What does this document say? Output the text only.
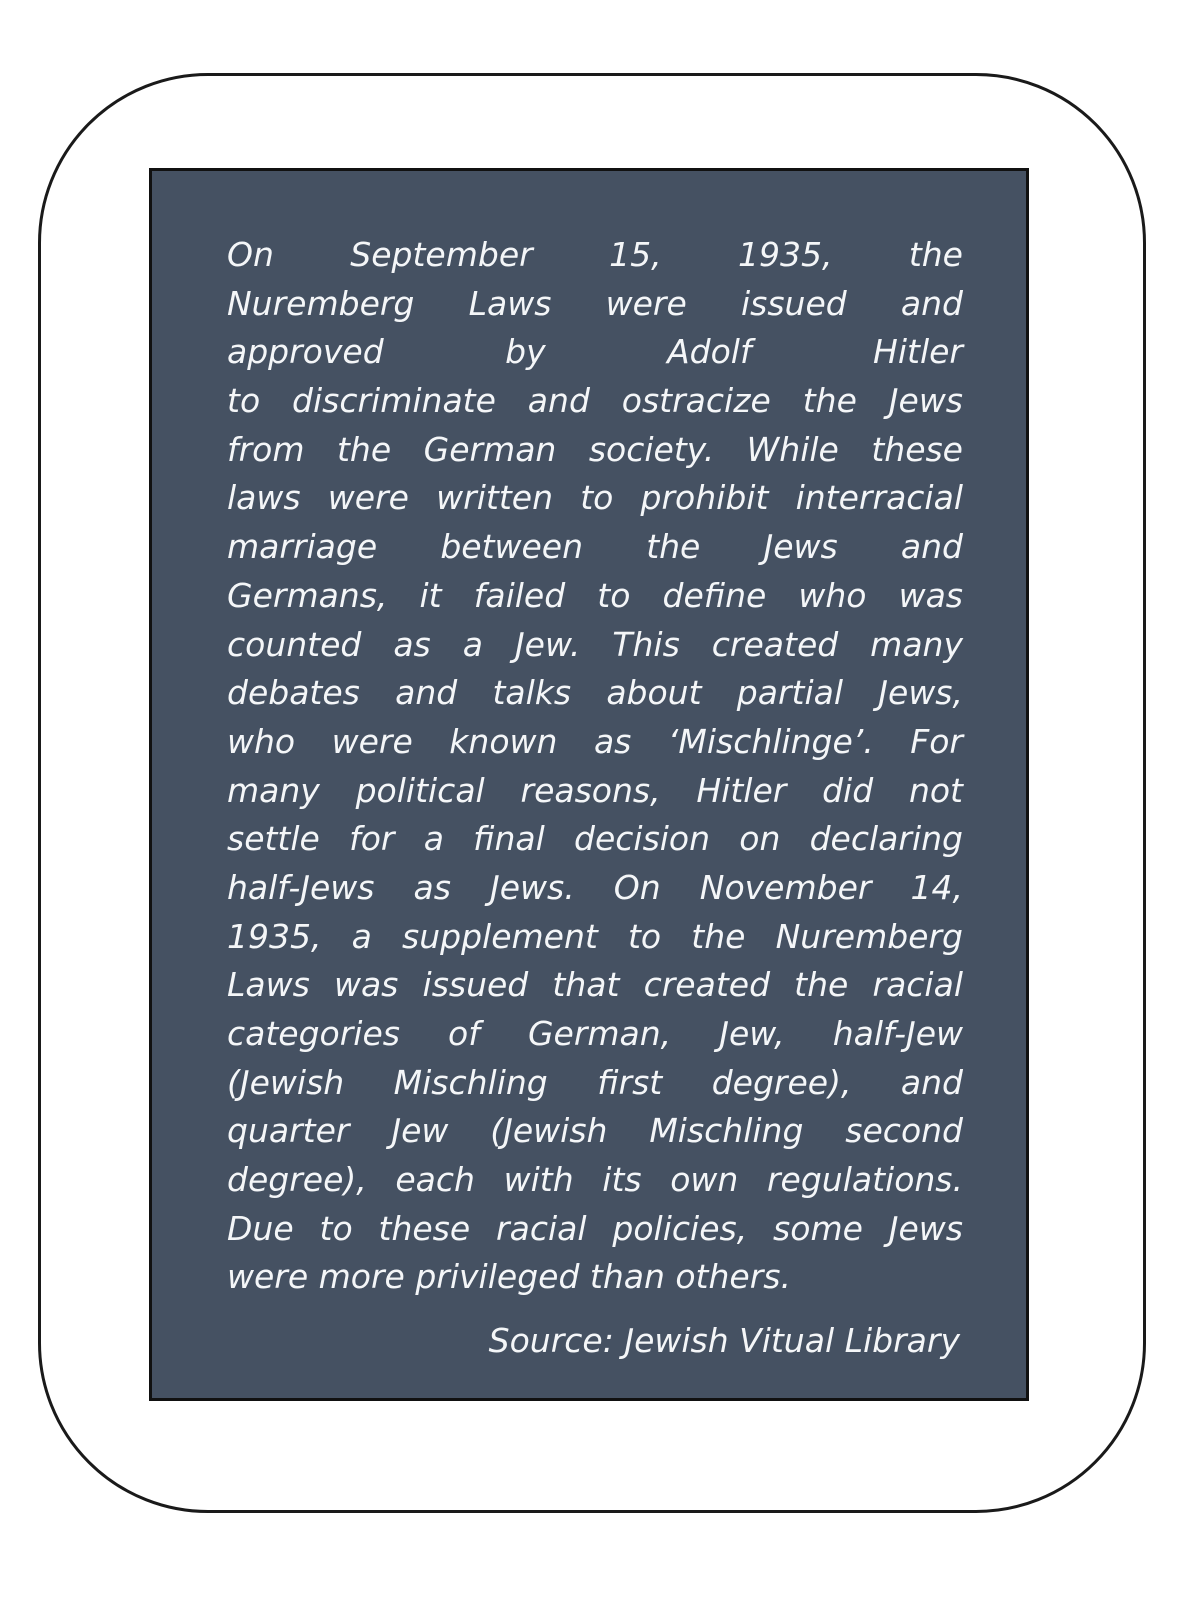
On September 15, 1935, the
Nuremberg Laws were issued and
approved by Adolf Hitler
to discriminate and ostracize the Jews
from the German society. While these
laws were written to prohibit interracial
marriage between the Jews and
Germans, it failed to define who was
counted as a Jew. This created many
debates and talks about partial Jews,
who were known as ‘Mischlinge’. For
many political reasons, Hitler did not
settle for a final decision on declaring
half-Jews as Jews. On November 14,
1935, a supplement to the Nuremberg
Laws was issued that created the racial
categories of German, Jew, half-Jew
(Jewish Mischling first degree), and
quarter Jew (Jewish Mischling second
degree), each with its own regulations.
Due to these racial policies, some Jews
were more privileged than others.

Source: Jewish Vitual Library
